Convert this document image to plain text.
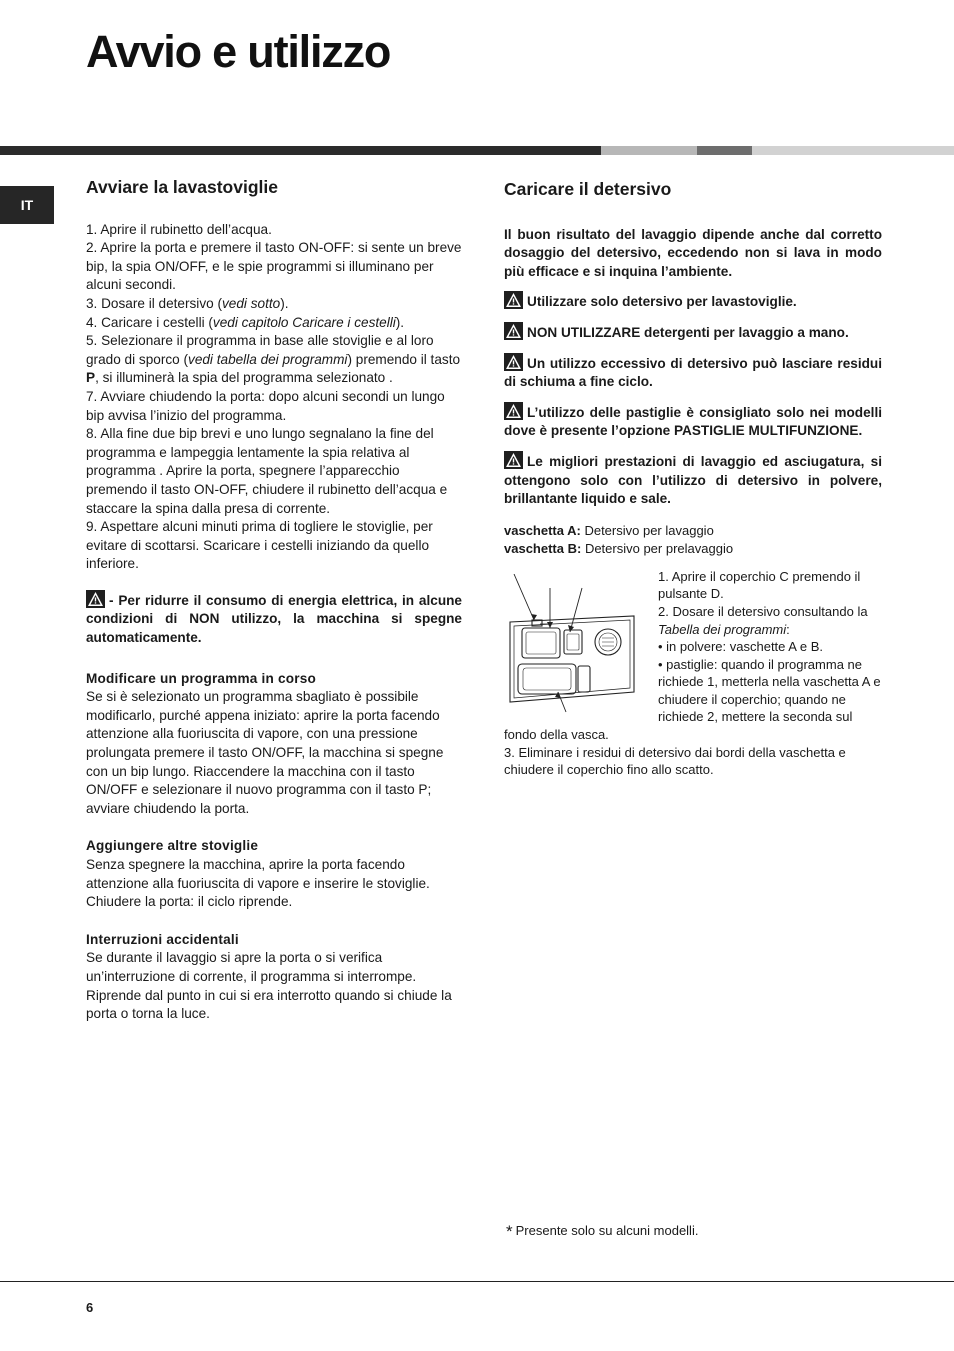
Avvio e utilizzo
IT
Avviare la lavastoviglie

1. Aprire il rubinetto dell’acqua.

2. Aprire la porta e premere il tasto ON-OFF: si sente un breve bip, la spia ON/OFF, e le spie programmi si illuminano per alcuni secondi.

3. Dosare il detersivo (vedi sotto).

4. Caricare i cestelli (vedi capitolo Caricare i cestelli).

5. Selezionare il programma in base alle stoviglie e al loro grado di sporco (vedi tabella dei programmi) premendo il tasto P, si illuminerà la spia del programma selezionato .

7. Avviare chiudendo la porta: dopo alcuni secondi un lungo bip avvisa l’inizio del programma.

8. Alla fine due bip brevi e uno lungo segnalano la fine del programma e lampeggia lentamente la spia relativa al programma . Aprire la porta, spegnere l’apparecchio premendo il tasto ON-OFF, chiudere il rubinetto dell’acqua e staccare la spina dalla presa di corrente.

9. Aspettare alcuni minuti prima di togliere le stoviglie, per evitare di scottarsi. Scaricare i cestelli iniziando da quello inferiore.

- Per ridurre il consumo di energia elettrica, in alcune condizioni di NON utilizzo, la macchina si spegne automaticamente.
Modificare un programma in corso

Se si è selezionato un programma sbagliato è possibile modificarlo, purché appena iniziato: aprire la porta facendo attenzione alla fuoriuscita di vapore, con una pressione prolungata premere il tasto ON/OFF, la macchina si spegne con un bip lungo. Riaccendere la macchina con il tasto ON/OFF e selezionare il nuovo programma con il tasto P; avviare chiudendo la porta.

Aggiungere altre stoviglie

Senza spegnere la macchina, aprire la porta facendo attenzione alla fuoriuscita di vapore e inserire le stoviglie. Chiudere la porta: il ciclo riprende.

Interruzioni accidentali

Se durante il lavaggio si apre la porta o si verifica un’interruzione di corrente, il programma si interrompe. Riprende dal punto in cui si era interrotto quando si chiude la porta o torna la luce.

Caricare il detersivo
Il buon risultato del lavaggio dipende anche dal corretto dosaggio del detersivo, eccedendo non si lava in modo più efficace e si inquina l’ambiente.
Utilizzare solo detersivo per lavastoviglie.
NON UTILIZZARE detergenti per lavaggio a mano.
Un utilizzo eccessivo di detersivo può lasciare residui di schiuma a fine ciclo.
L’utilizzo delle pastiglie è consigliato solo nei modelli dove è presente l’opzione PASTIGLIE MULTIFUNZIONE.
Le migliori prestazioni di lavaggio ed asciugatura, si ottengono solo con l’utilizzo di detersivo in polvere, brillantante liquido e sale.

vaschetta A: Detersivo per lavaggio

vaschetta B: Detersivo per prelavaggio

1. Aprire il coperchio C premendo il pulsante D.

2. Dosare il detersivo consultando la Tabella dei programmi:

• in polvere: vaschette A e B.

• pastiglie: quando il programma ne richiede 1, metterla nella vaschetta A e chiudere il coperchio; quando ne richiede 2, mettere la seconda sul fondo della vasca.

3. Eliminare i residui di detersivo dai bordi della vaschetta e chiudere il coperchio fino allo scatto.

* Presente solo su alcuni modelli.
6
